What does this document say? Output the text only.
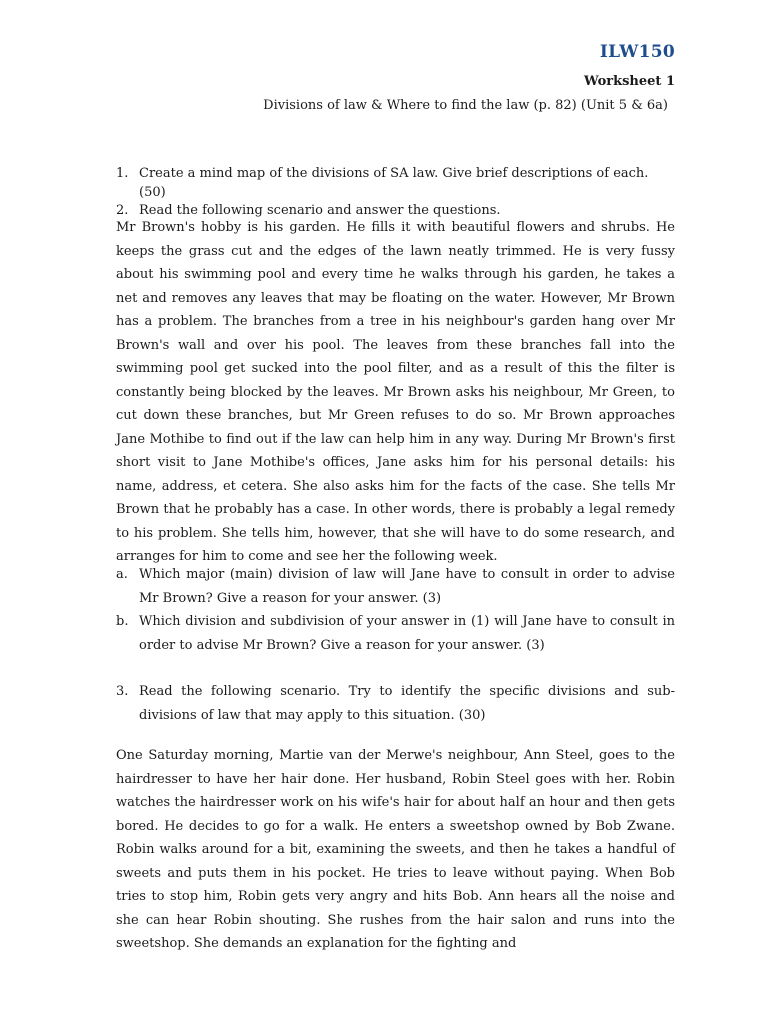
ILW150
Worksheet 1
Divisions of law & Where to find the law (p. 82) (Unit 5 & 6a)
1. Create a mind map of the divisions of SA law. Give brief descriptions of each. (50)
2. Read the following scenario and answer the questions.
Mr Brown's hobby is his garden. He fills it with beautiful flowers and shrubs. He keeps the grass cut and the edges of the lawn neatly trimmed. He is very fussy about his swimming pool and every time he walks through his garden, he takes a net and removes any leaves that may be floating on the water. However, Mr Brown has a problem. The branches from a tree in his neighbour's garden hang over Mr Brown's wall and over his pool. The leaves from these branches fall into the swimming pool get sucked into the pool filter, and as a result of this the filter is constantly being blocked by the leaves. Mr Brown asks his neighbour, Mr Green, to cut down these branches, but Mr Green refuses to do so. Mr Brown approaches Jane Mothibe to find out if the law can help him in any way. During Mr Brown's first short visit to Jane Mothibe's offices, Jane asks him for his personal details: his name, address, et cetera. She also asks him for the facts of the case. She tells Mr Brown that he probably has a case. In other words, there is probably a legal remedy to his problem. She tells him, however, that she will have to do some research, and arranges for him to come and see her the following week.
a. Which major (main) division of law will Jane have to consult in order to advise Mr Brown? Give a reason for your answer. (3)
b. Which division and subdivision of your answer in (1) will Jane have to consult in order to advise Mr Brown? Give a reason for your answer. (3)
3. Read the following scenario. Try to identify the specific divisions and sub-divisions of law that may apply to this situation. (30)
One Saturday morning, Martie van der Merwe's neighbour, Ann Steel, goes to the hairdresser to have her hair done. Her husband, Robin Steel goes with her. Robin watches the hairdresser work on his wife's hair for about half an hour and then gets bored. He decides to go for a walk. He enters a sweetshop owned by Bob Zwane. Robin walks around for a bit, examining the sweets, and then he takes a handful of sweets and puts them in his pocket. He tries to leave without paying. When Bob tries to stop him, Robin gets very angry and hits Bob. Ann hears all the noise and she can hear Robin shouting. She rushes from the hair salon and runs into the sweetshop. She demands an explanation for the fighting and
